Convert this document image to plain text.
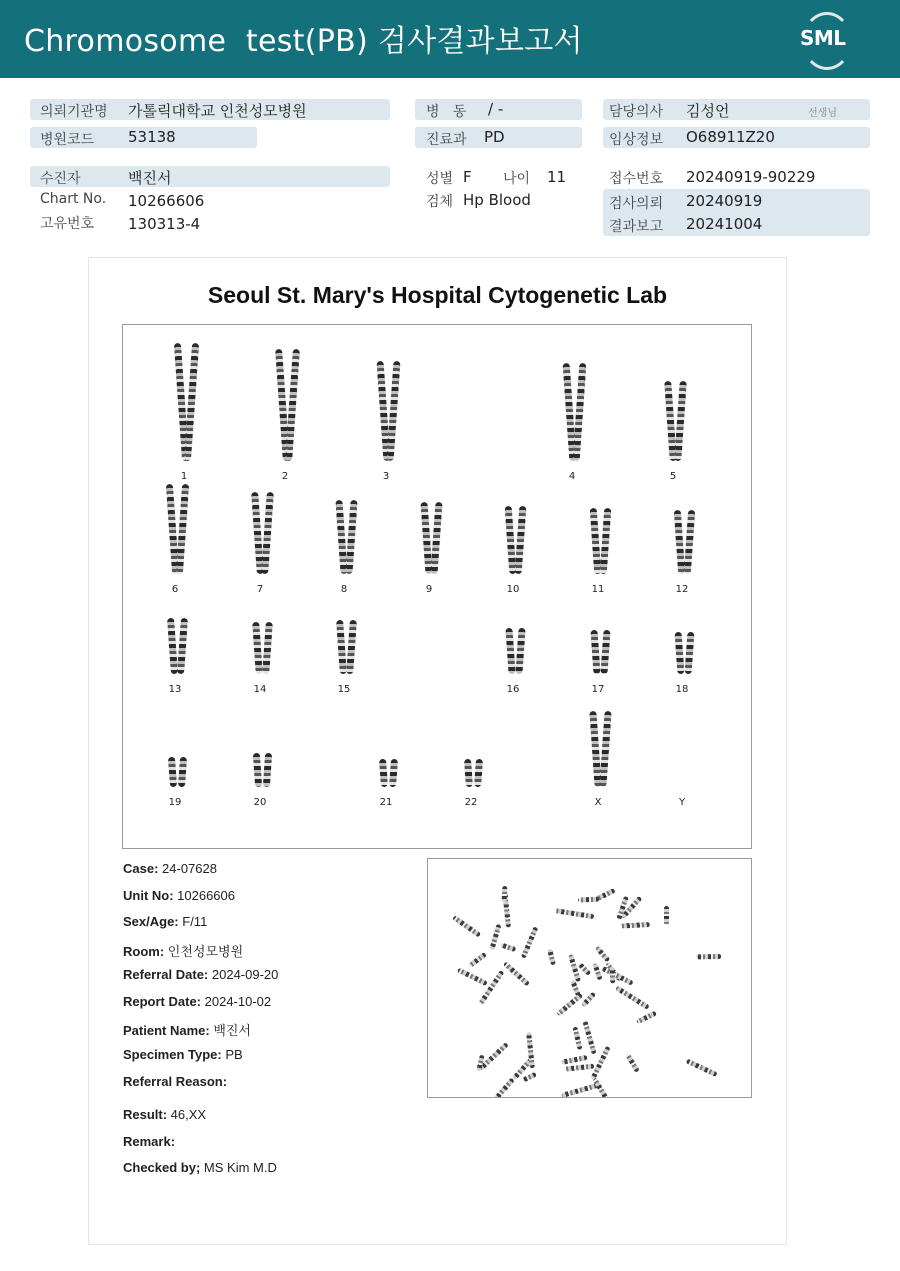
Chromosome  test(PB) 검사결과보고서	SML
의뢰기관명 가톨릭대학교 인천성모병원
병원코드 53138
병   동 / -
진료과 PD
담당의사 김성언	선생님
임상정보 O68911Z20
수진자	백진서
Chart No. 10266606
고유번호 130313-4
성별 F 나이 11
검체 Hp Blood
접수번호 20240919-90229
검사의뢰 20240919
결과보고 20241004
Seoul St. Mary's Hospital Cytogenetic Lab
1	2	3	4	5
6	7	8	9	10	11	12
13	14	15	16	17	18
19	20	21	22	X	Y
Case: 24-07628
Unit No: 10266606
Sex/Age: F/11
Room: 인천성모병원
Referral Date: 2024-09-20
Report Date: 2024-10-02
Patient Name: 백진서
Specimen Type: PB
Referral Reason:
Result: 46,XX
Remark:
Checked by; MS Kim M.D
